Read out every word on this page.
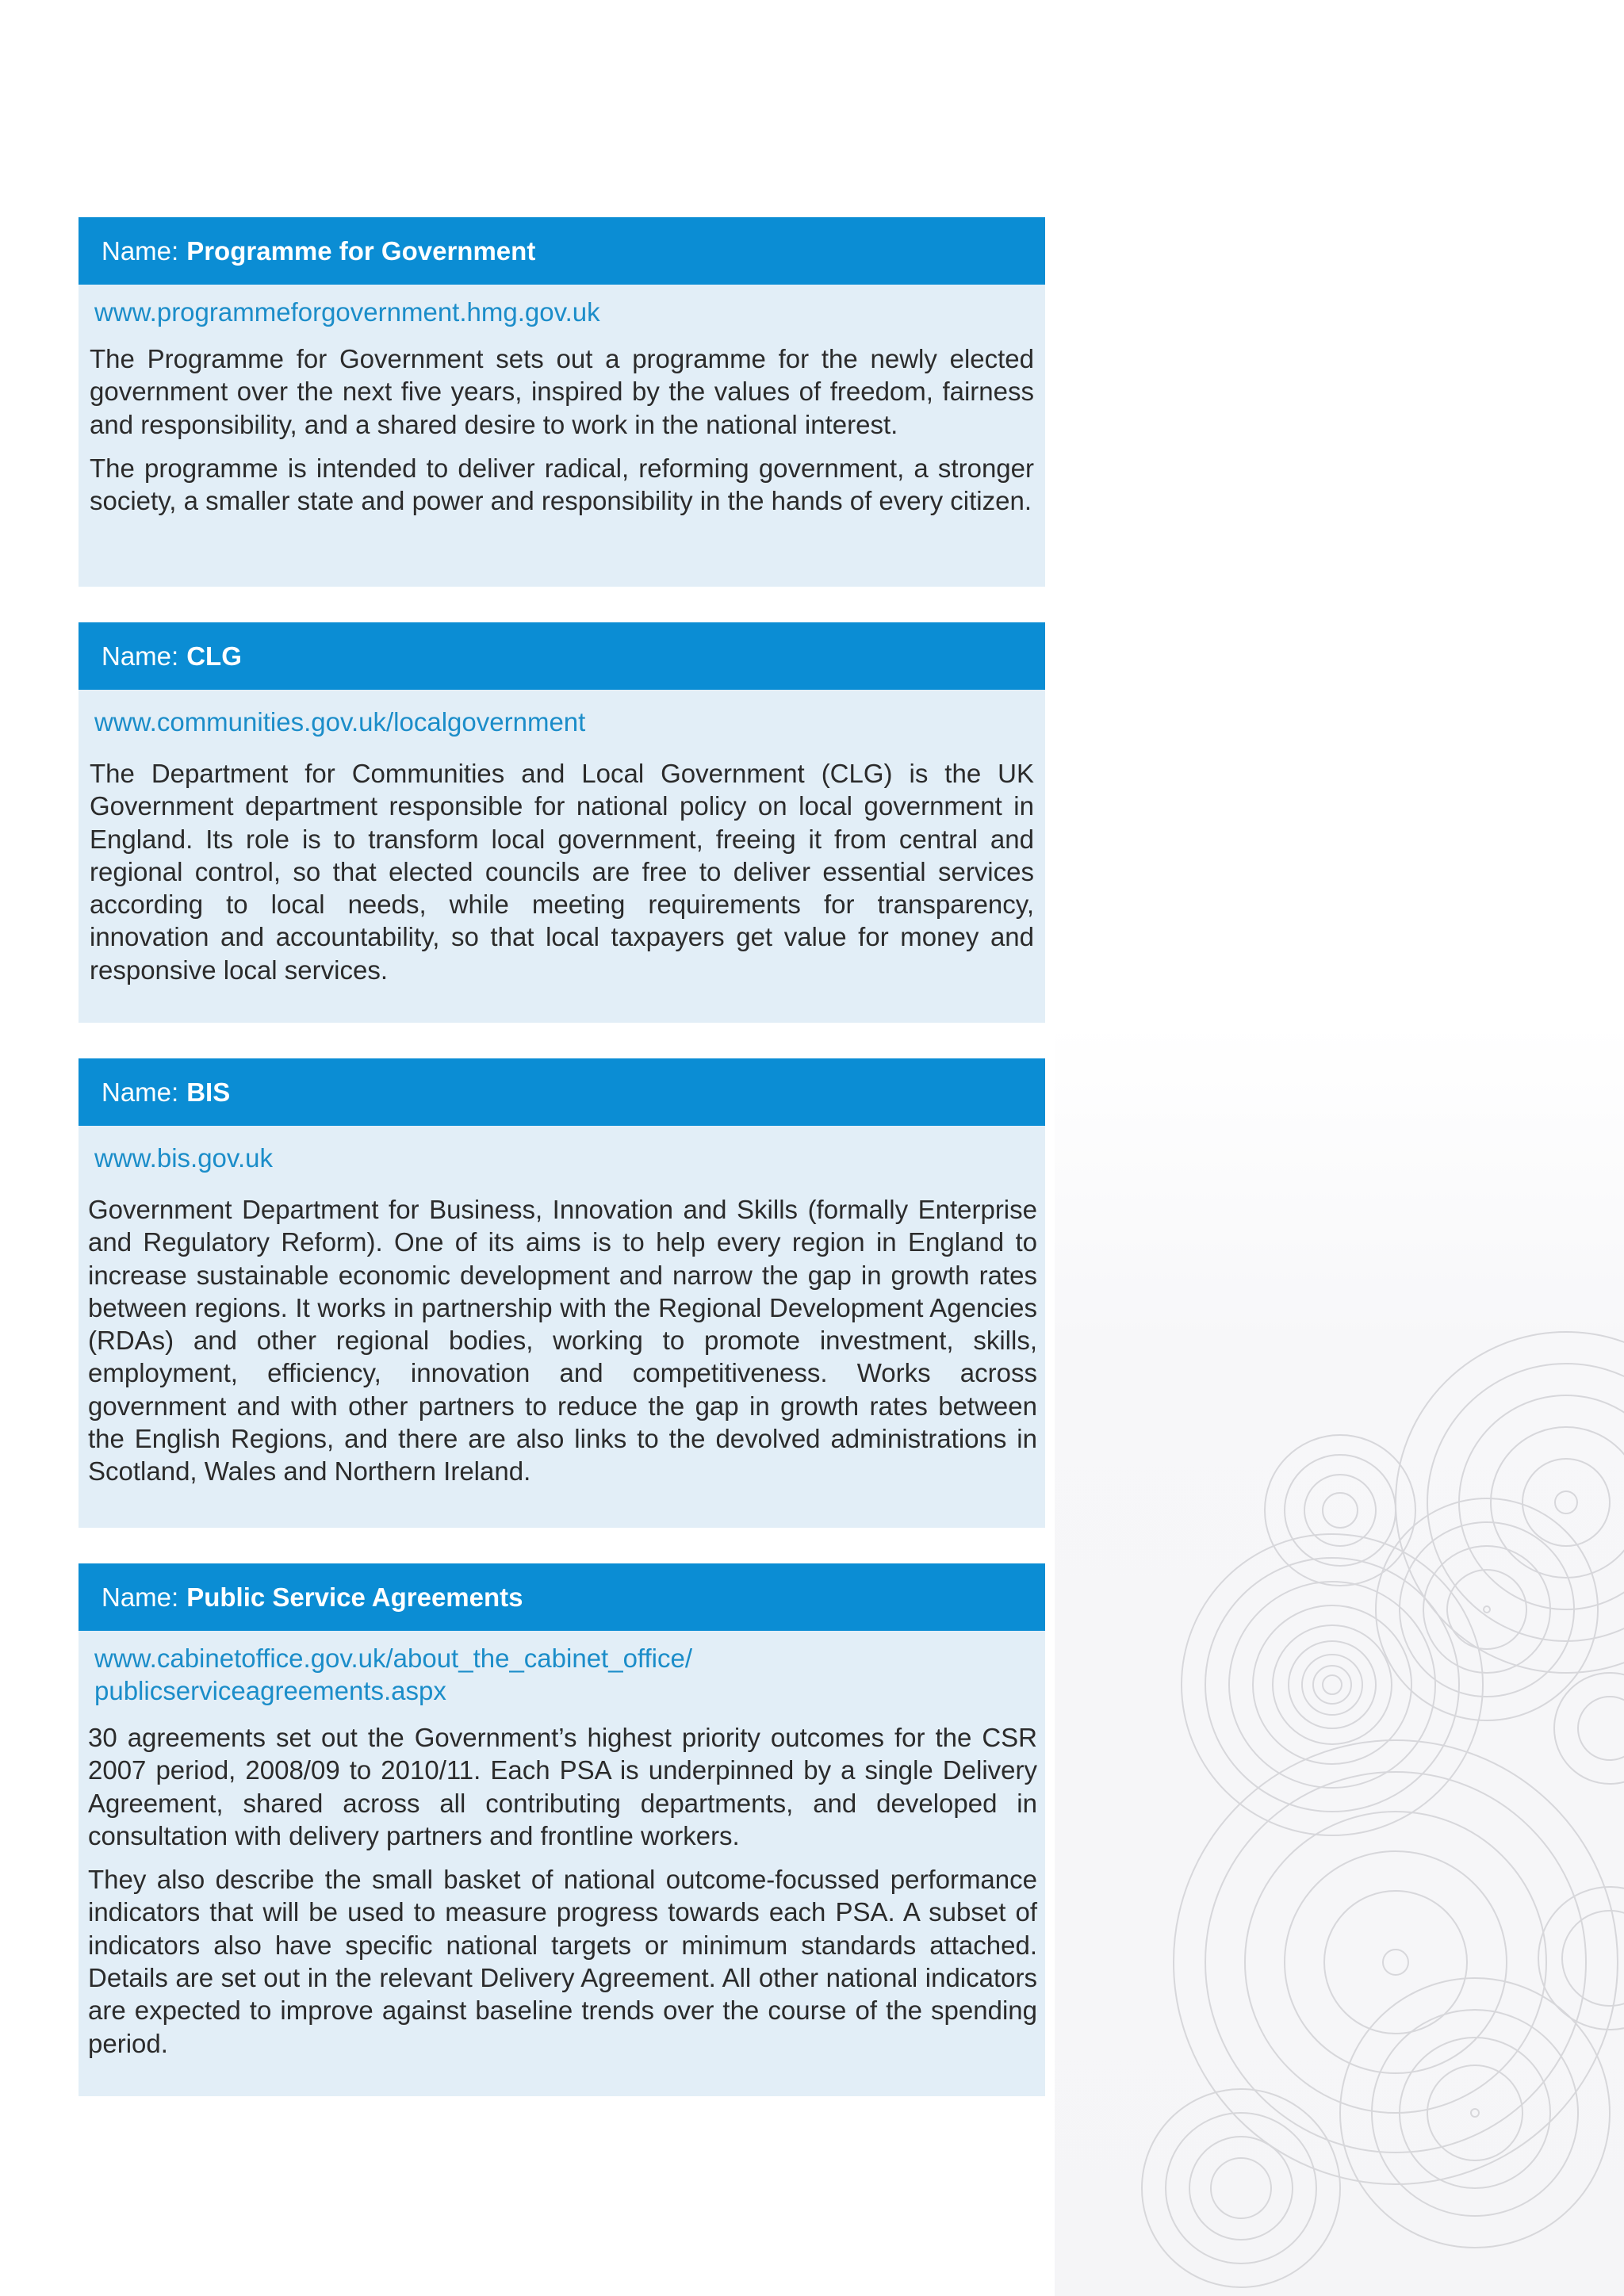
Name: Programme for Government
www.programmeforgovernment.hmg.gov.uk

The Programme for Government sets out a programme for the newly elected government over the next five years, inspired by the values of freedom, fairness and responsibility, and a shared desire to work in the national interest.

The programme is intended to deliver radical, reforming government, a stronger society, a smaller state and power and responsibility in the hands of every citizen.

Name: CLG
www.communities.gov.uk/localgovernment

The Department for Communities and Local Government (CLG) is the UK Government department responsible for national policy on local government in England. Its role is to transform local government, freeing it from central and regional control, so that elected councils are free to deliver essential services according to local needs, while meeting requirements for transparency, innovation and accountability, so that local taxpayers get value for money and responsive local services.

Name: BIS
www.bis.gov.uk

Government Department for Business, Innovation and Skills (formally Enterprise and Regulatory Reform). One of its aims is to help every region in England to increase sustainable economic development and narrow the gap in growth rates between regions. It works in partnership with the Regional Development Agencies (RDAs) and other regional bodies, working to promote investment, skills, employment, efficiency, innovation and competitiveness. Works across government and with other partners to reduce the gap in growth rates between the English Regions, and there are also links to the devolved administrations in Scotland, Wales and Northern Ireland.

Name: Public Service Agreements
www.cabinetoffice.gov.uk/about_the_cabinet_office/
publicserviceagreements.aspx

30 agreements set out the Government’s highest priority outcomes for the CSR 2007 period, 2008/09 to 2010/11. Each PSA is underpinned by a single Delivery Agreement, shared across all contributing departments, and developed in consultation with delivery partners and frontline workers.

They also describe the small basket of national outcome-focussed performance indicators that will be used to measure progress towards each PSA. A subset of indicators also have specific national targets or minimum standards attached. Details are set out in the relevant Delivery Agreement. All other national indicators are expected to improve against baseline trends over the course of the spending period.
